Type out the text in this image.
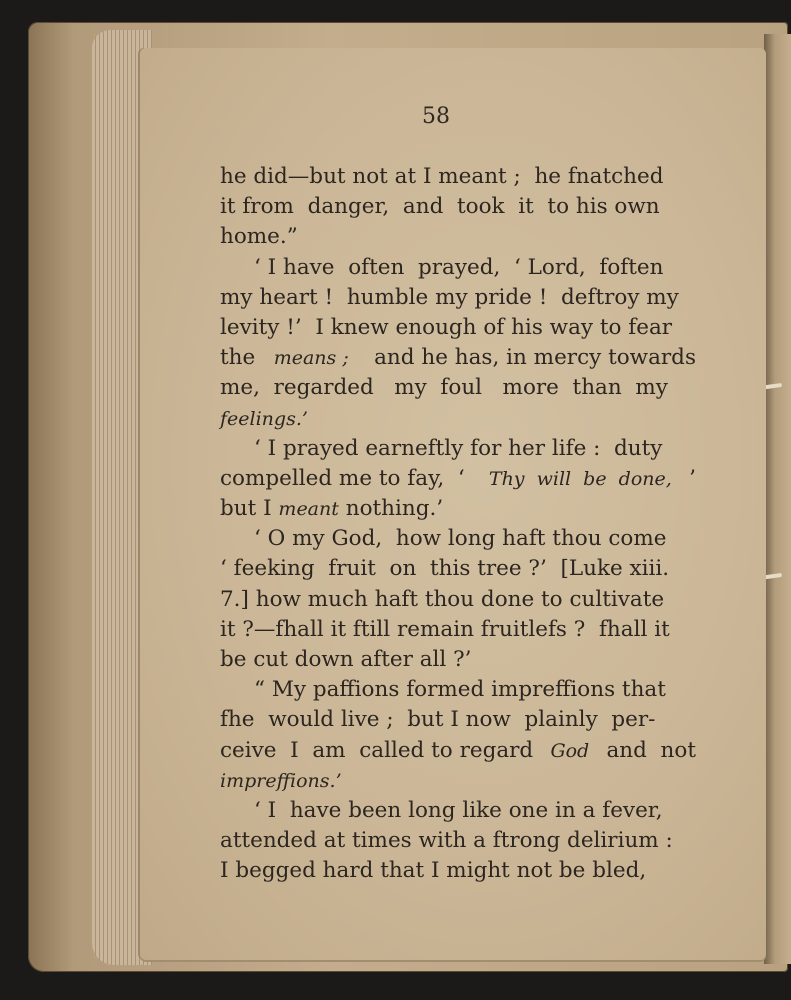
58
he did—but not at I meant ;  he fnatched
it from  danger,  and  took  it  to his own
home.”
‘ I have  often  prayed,  ‘ Lord,  foften
my heart !  humble my pride !  deftroy my
levity !’  I knew enough of his way to fear
the means ; and he has, in mercy towards
me,  regarded   my  foul   more  than  my
feelings.’
‘ I prayed earneftly for her life :  duty
compelled me to fay,  ‘ Thy  will  be  done, ’
but I meant nothing.’
‘ O my God,  how long haft thou come
‘ feeking  fruit  on  this tree ?’  [Luke xiii.
7.] how much haft thou done to cultivate
it ?—fhall it ftill remain fruitlefs ?  fhall it
be cut down after all ?’
“ My paffions formed impreffions that
fhe  would live ;  but I now  plainly  per-
ceive  I  am  called to regard God and  not
impreffions.’
‘ I  have been long like one in a fever,
attended at times with a ftrong delirium :
I begged hard that I might not be bled,
